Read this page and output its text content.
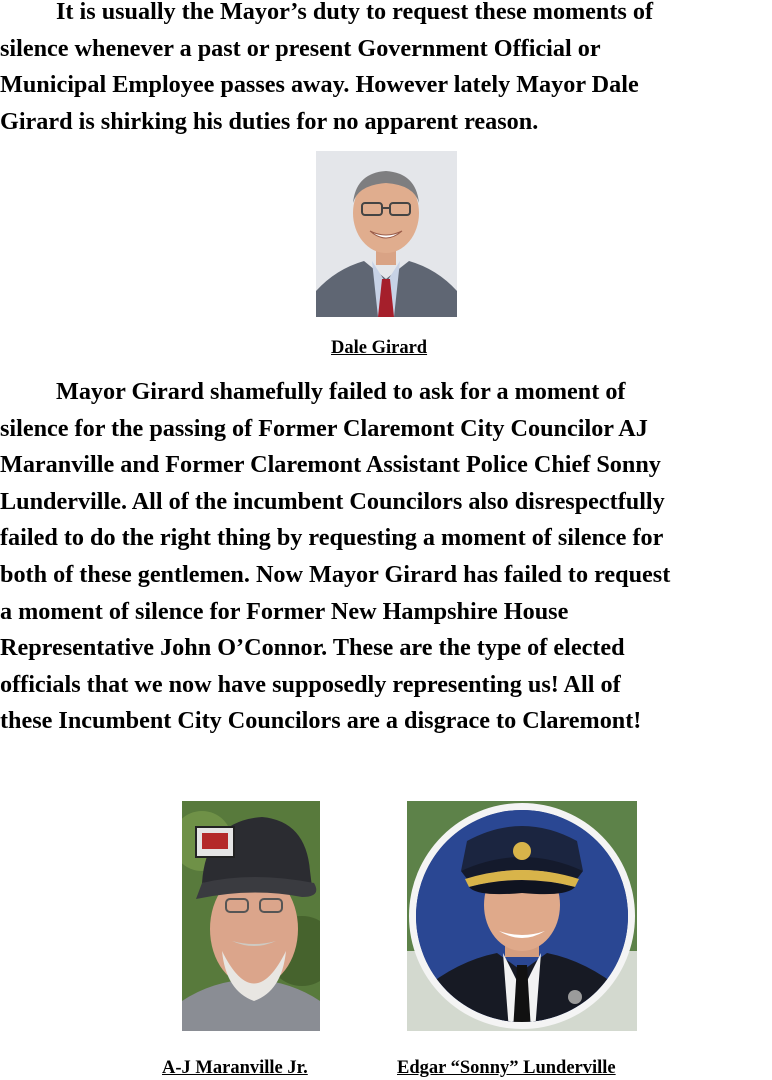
It is usually the Mayor’s duty to request these moments of
silence whenever a past or present Government Official or
Municipal Employee passes away. However lately Mayor Dale
Girard is shirking his duties for no apparent reason.

Dale Girard

Mayor Girard shamefully failed to ask for a moment of
silence for the passing of Former Claremont City Councilor AJ
Maranville and Former Claremont Assistant Police Chief Sonny
Lunderville. All of the incumbent Councilors also disrespectfully
failed to do the right thing by requesting a moment of silence for
both of these gentlemen. Now Mayor Girard has failed to request
a moment of silence for Former New Hampshire House
Representative John O’Connor. These are the type of elected
officials that we now have supposedly representing us! All of
these Incumbent City Councilors are a disgrace to Claremont!

A-J Maranville Jr.	Edgar “Sonny” Lunderville
